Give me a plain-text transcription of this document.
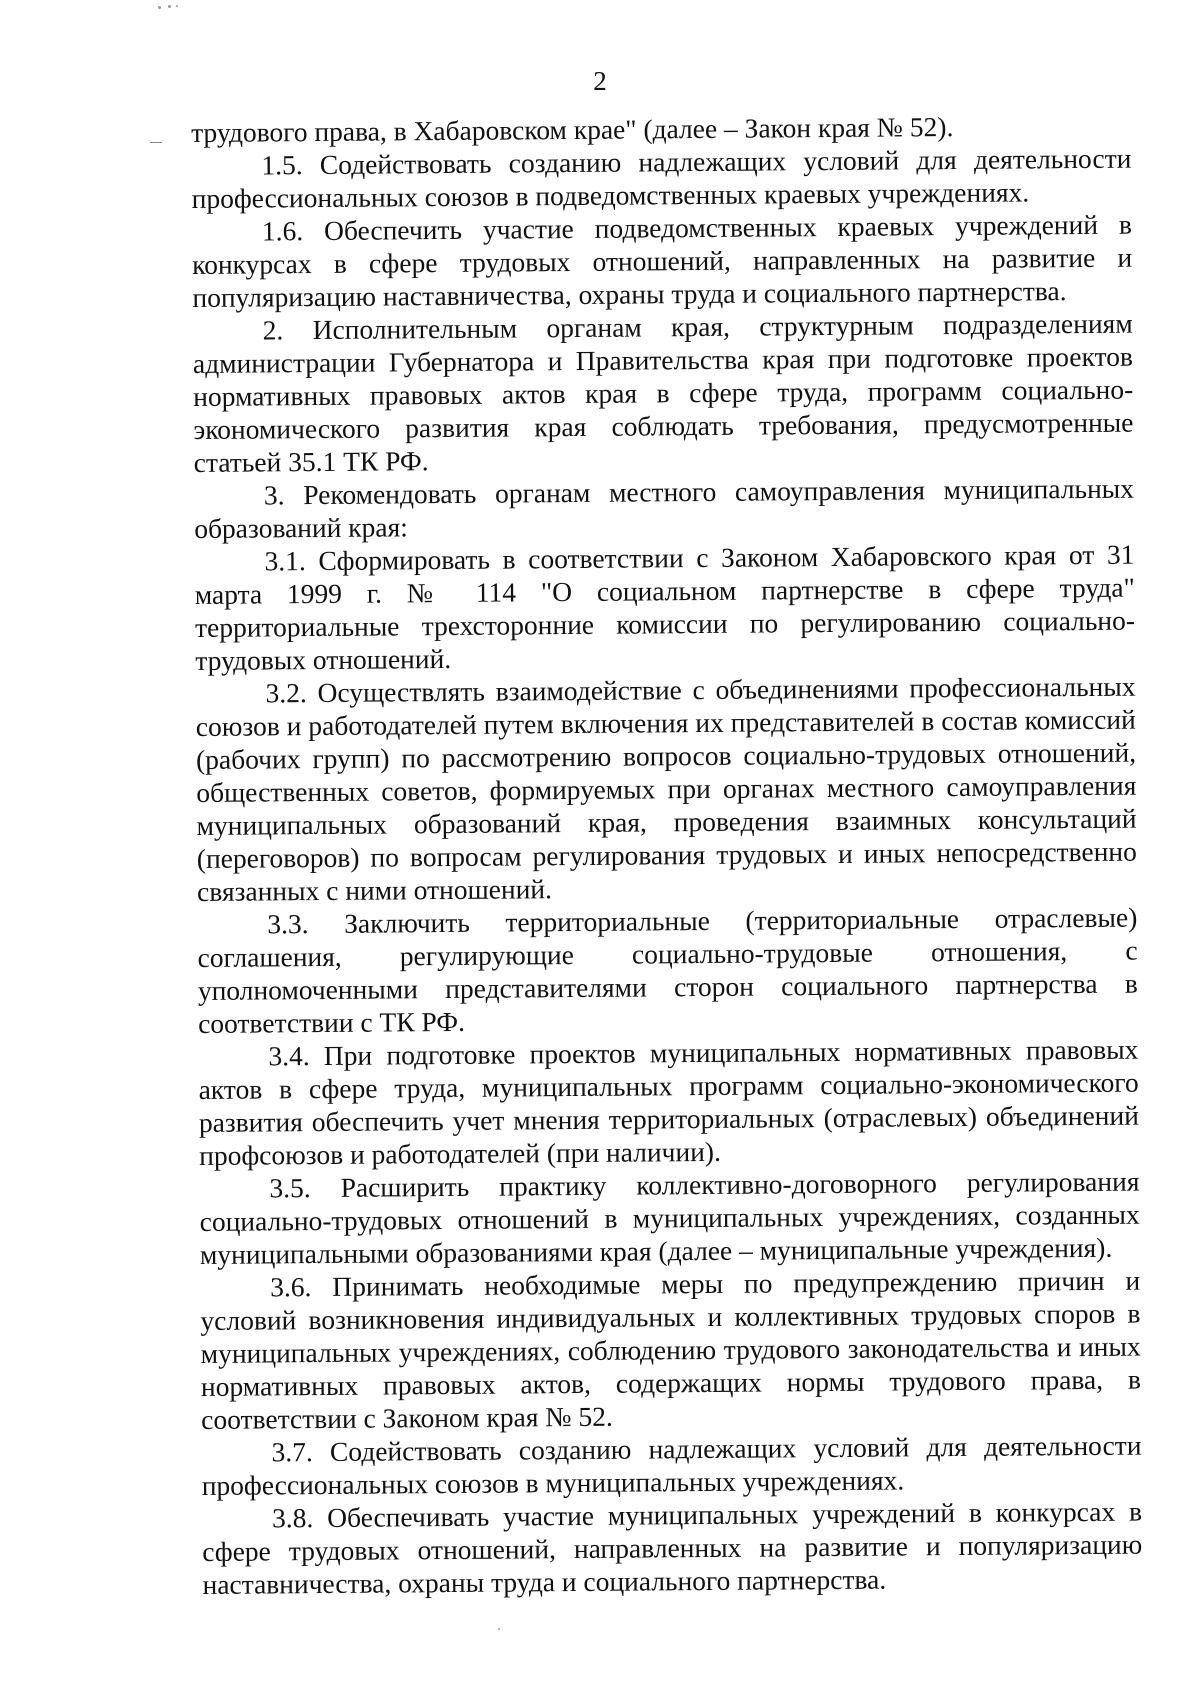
2

трудового права, в Хабаровском крае" (далее – Закон края № 52).

1.5. Содействовать созданию надлежащих условий для деятельности профессиональных союзов в подведомственных краевых учреждениях.

1.6. Обеспечить участие подведомственных краевых учреждений в конкурсах в сфере трудовых отношений, направленных на развитие и популяризацию наставничества, охраны труда и социального партнерства.

2. Исполнительным органам края, структурным подразделениям администрации Губернатора и Правительства края при подготовке проектов нормативных правовых актов края в сфере труда, программ социально-экономического развития края соблюдать требования, предусмотренные статьей 35.1 ТК РФ.

3. Рекомендовать органам местного самоуправления муниципальных образований края:

3.1. Сформировать в соответствии с Законом Хабаровского края от 31 марта 1999 г. № 114 "О социальном партнерстве в сфере труда" территориальные трехсторонние комиссии по регулированию социально-трудовых отношений.

3.2. Осуществлять взаимодействие с объединениями профессиональных союзов и работодателей путем включения их представителей в состав комиссий (рабочих групп) по рассмотрению вопросов социально-трудовых отношений, общественных советов, формируемых при органах местного самоуправления муниципальных образований края, проведения взаимных консультаций (переговоров) по вопросам регулирования трудовых и иных непосредственно связанных с ними отношений.

3.3. Заключить территориальные (территориальные отраслевые) соглашения, регулирующие социально-трудовые отношения, с уполномоченными представителями сторон социального партнерства в соответствии с ТК РФ.

3.4. При подготовке проектов муниципальных нормативных правовых актов в сфере труда, муниципальных программ социально-экономического развития обеспечить учет мнения территориальных (отраслевых) объединений профсоюзов и работодателей (при наличии).

3.5. Расширить практику коллективно-договорного регулирования социально-трудовых отношений в муниципальных учреждениях, созданных муниципальными образованиями края (далее – муниципальные учреждения).

3.6. Принимать необходимые меры по предупреждению причин и условий возникновения индивидуальных и коллективных трудовых споров в муниципальных учреждениях, соблюдению трудового законодательства и иных нормативных правовых актов, содержащих нормы трудового права, в соответствии с Законом края № 52.

3.7. Содействовать созданию надлежащих условий для деятельности профессиональных союзов в муниципальных учреждениях.

3.8. Обеспечивать участие муниципальных учреждений в конкурсах в сфере трудовых отношений, направленных на развитие и популяризацию наставничества, охраны труда и социального партнерства.
